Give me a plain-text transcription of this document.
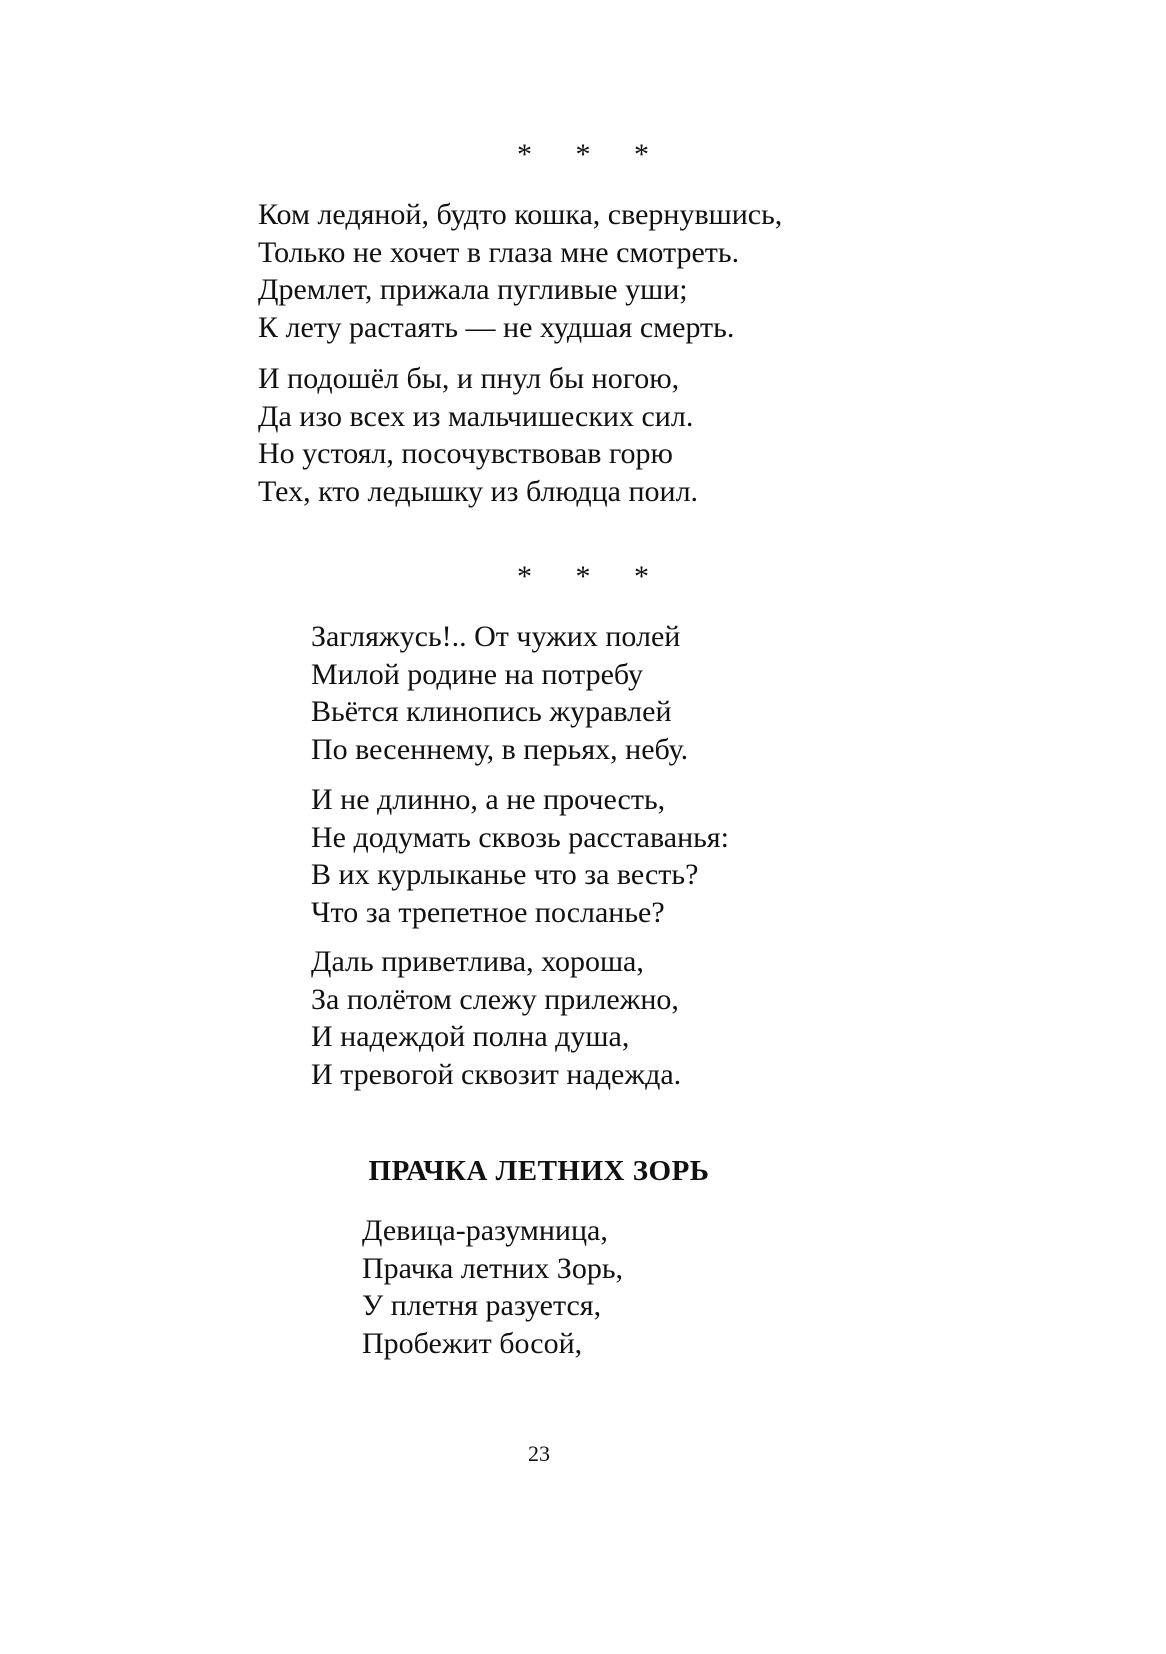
* * *
Ком ледяной, будто кошка, свернувшись,
Только не хочет в глаза мне смотреть.
Дремлет, прижала пугливые уши;
К лету растаять — не худшая смерть.
И подошёл бы, и пнул бы ногою,
Да изо всех из мальчишеских сил.
Но устоял, посочувствовав горю
Тех, кто ледышку из блюдца поил.
* * *
Загляжусь!.. От чужих полей
Милой родине на потребу
Вьётся клинопись журавлей
По весеннему, в перьях, небу.
И не длинно, а не прочесть,
Не додумать сквозь расставанья:
В их курлыканье что за весть?
Что за трепетное посланье?
Даль приветлива, хороша,
За полётом слежу прилежно,
И надеждой полна душа,
И тревогой сквозит надежда.
ПРАЧКА ЛЕТНИХ ЗОРЬ
Девица-разумница,
Прачка летних Зорь,
У плетня разуется,
Пробежит босой,
23
